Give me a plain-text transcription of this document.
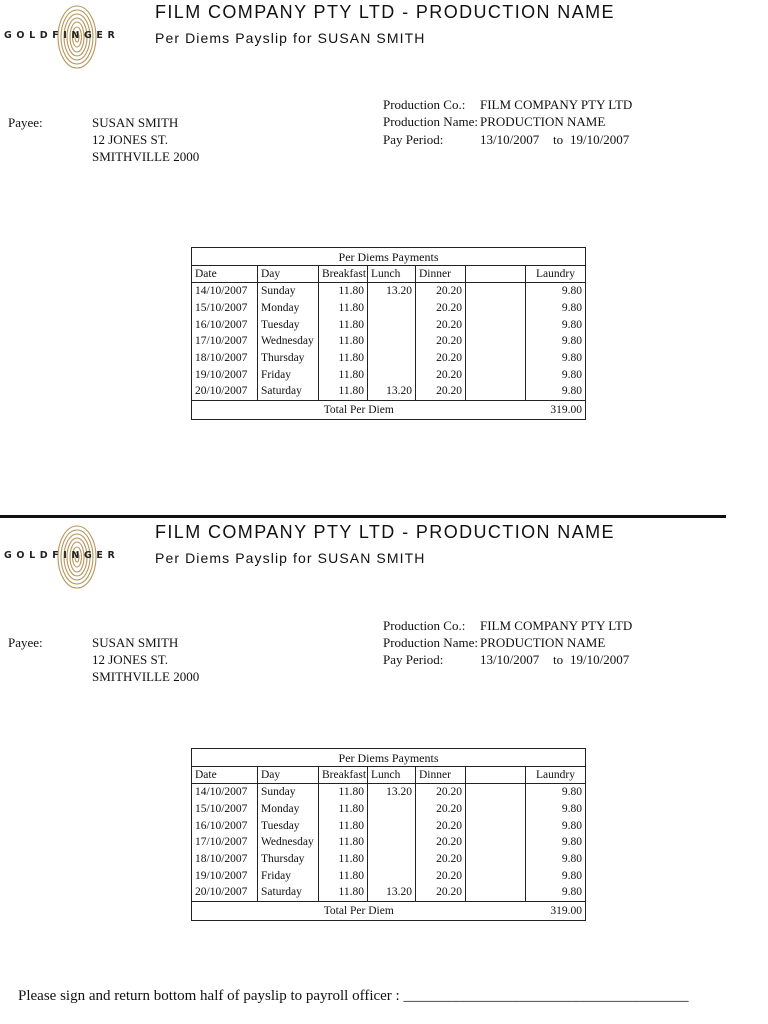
GOLDFINGER
FILM COMPANY PTY LTD - PRODUCTION NAME
Per Diems Payslip for SUSAN SMITH
Production Co.: FILM COMPANY PTY LTD
Production Name: PRODUCTION NAME
Pay Period:	13/10/2007 to 19/10/2007
Payee:	SUSAN SMITH
12 JONES ST.
SMITHVILLE 2000
Per Diems Payments						
Date	Day	Breakfast	Lunch	Dinner		Laundry
14/10/2007	Sunday	11.80	13.20	20.20		9.80
15/10/2007	Monday	11.80		20.20		9.80
16/10/2007	Tuesday	11.80		20.20		9.80
17/10/2007	Wednesday	11.80		20.20		9.80
18/10/2007	Thursday	11.80		20.20		9.80
19/10/2007	Friday	11.80		20.20		9.80
20/10/2007	Saturday	11.80	13.20	20.20		9.80
Total Per Diem						319.00
GOLDFINGER
FILM COMPANY PTY LTD - PRODUCTION NAME
Per Diems Payslip for SUSAN SMITH
Production Co.: FILM COMPANY PTY LTD
Production Name: PRODUCTION NAME
Pay Period:	13/10/2007 to 19/10/2007
Payee:	SUSAN SMITH
12 JONES ST.
SMITHVILLE 2000
Per Diems Payments						
Date	Day	Breakfast	Lunch	Dinner		Laundry
14/10/2007	Sunday	11.80	13.20	20.20		9.80
15/10/2007	Monday	11.80		20.20		9.80
16/10/2007	Tuesday	11.80		20.20		9.80
17/10/2007	Wednesday	11.80		20.20		9.80
18/10/2007	Thursday	11.80		20.20		9.80
19/10/2007	Friday	11.80		20.20		9.80
20/10/2007	Saturday	11.80	13.20	20.20		9.80
Total Per Diem						319.00
Please sign and return bottom half of payslip to payroll officer : ______________________________________
